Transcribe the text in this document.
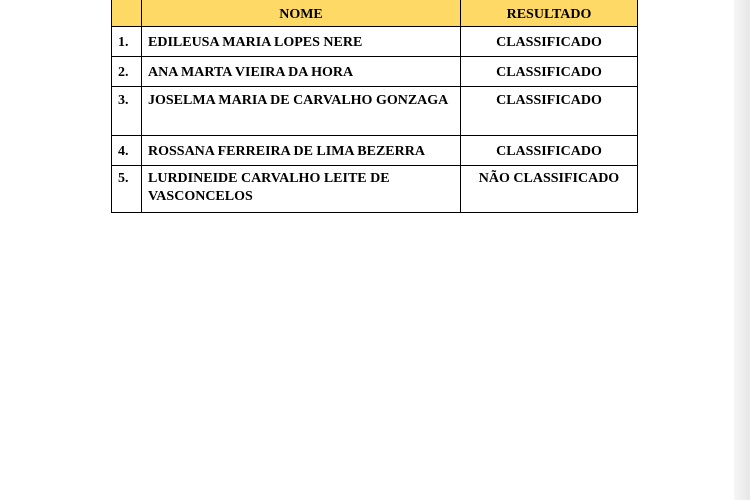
	NOME	RESULTADO
1.	EDILEUSA MARIA LOPES NERE	CLASSIFICADO
2.	ANA MARTA VIEIRA DA HORA	CLASSIFICADO
3.	JOSELMA MARIA DE CARVALHO GONZAGA	CLASSIFICADO
4.	ROSSANA FERREIRA DE LIMA BEZERRA	CLASSIFICADO
5.	LURDINEIDE CARVALHO LEITE DE VASCONCELOS	NÃO CLASSIFICADO
